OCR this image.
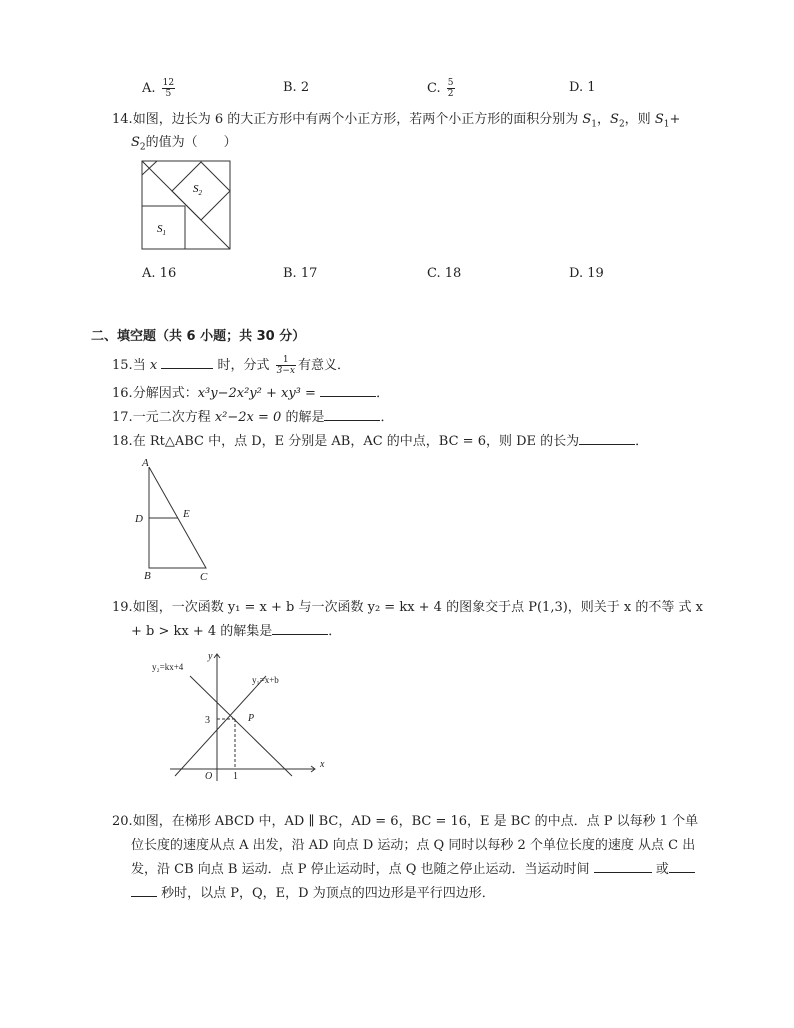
A. $\frac{12}{5}$	B. 2	C. $\frac{5}{2}$	D. 1
14.如图，边长为 6 的大正方形中有两个小正方形，若两个小正方形的面积分别为 $S_1$，$S_2$，则 $S_1+$
$S_2$的值为（　　）
$S_2$
$S_1$
A. 16	B. 17	C. 18	D. 19
二、填空题（共 6 小题；共 30 分）
15.当 x	时，分式 $\frac{1}{3-x}$ 有意义．
16.分解因式：x³y−2x²y² + xy³ =	．
17.一元二次方程 x²−2x = 0 的解是	．
18.在 Rt△ABC 中，点 D，E 分别是 AB，AC 的中点，BC = 6，则 DE 的长为	．
A
D	E
B	C
19.如图，一次函数 y₁ = x + b 与一次函数 y₂ = kx + 4 的图象交于点 P(1,3)，则关于 x 的不等 式 x
+ b > kx + 4 的解集是	．
y₂=kx+4
y₁=x+b
y
x
O 1
3	P
20.如图，在梯形 ABCD 中，AD ∥ BC，AD = 6，BC = 16，E 是 BC 的中点．点 P 以每秒 1 个单
位长度的速度从点 A 出发，沿 AD 向点 D 运动；点 Q 同时以每秒 2 个单位长度的速度 从点 C 出
发，沿 CB 向点 B 运动．点 P 停止运动时，点 Q 也随之停止运动．当运动时间	或
秒时，以点 P，Q，E，D 为顶点的四边形是平行四边形．
